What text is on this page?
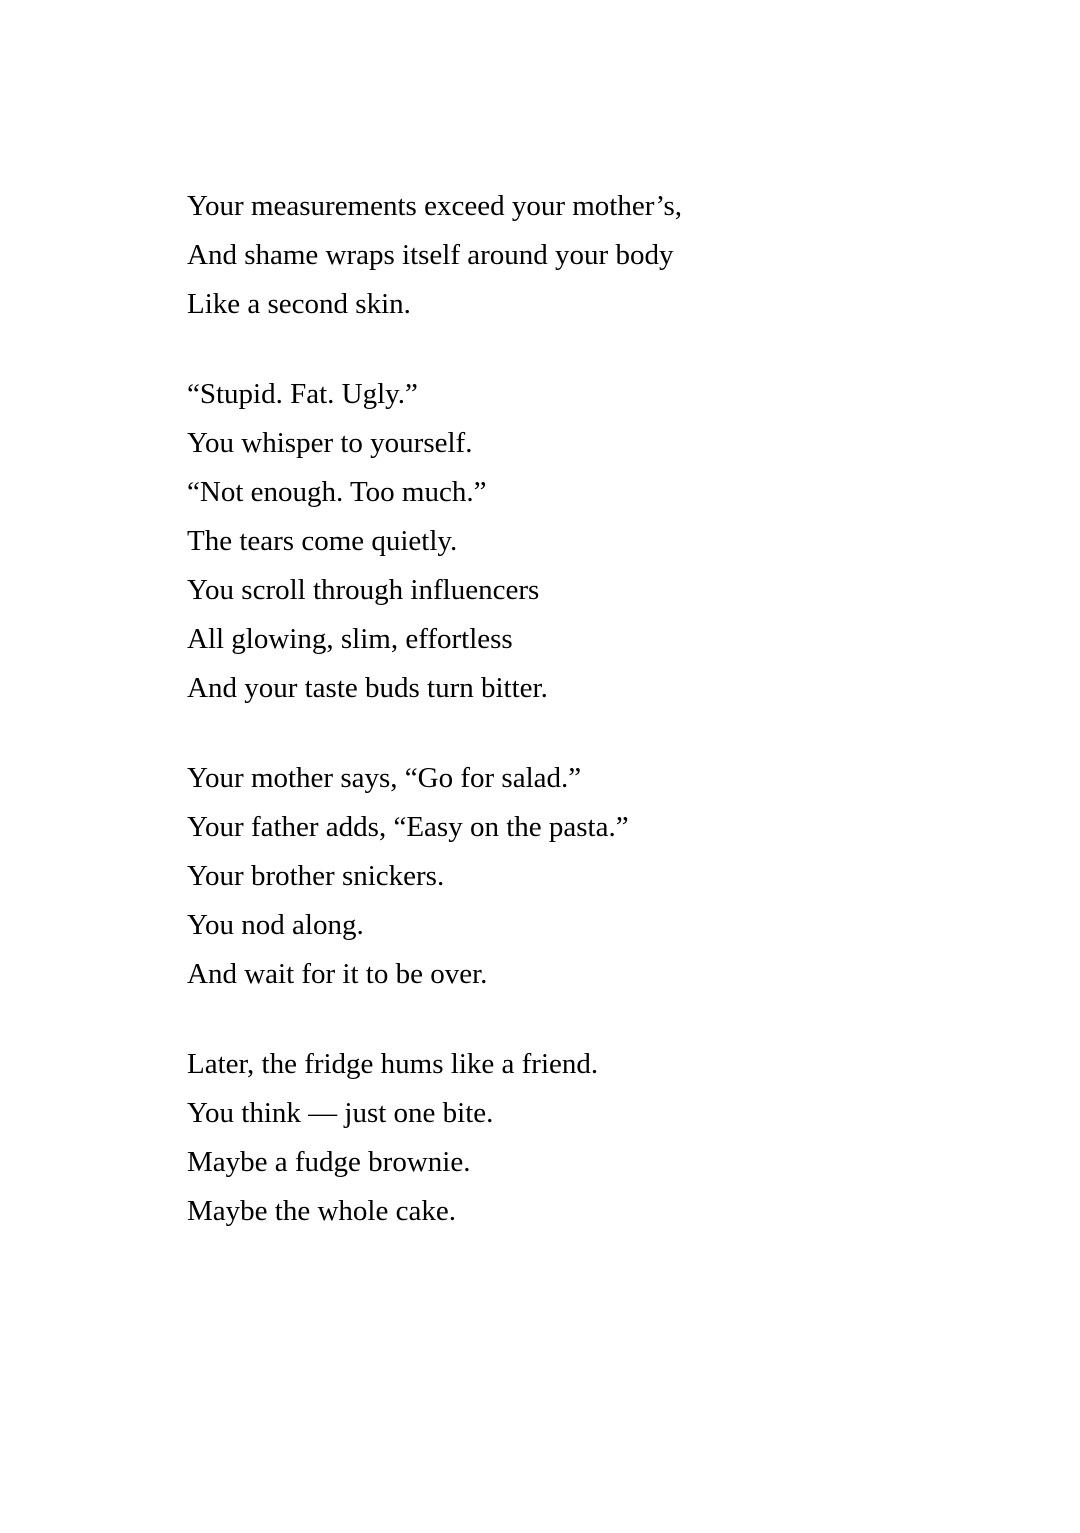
Your measurements exceed your mother’s,
And shame wraps itself around your body
Like a second skin.
“Stupid. Fat. Ugly.”
You whisper to yourself.
“Not enough. Too much.”
The tears come quietly.
You scroll through influencers
All glowing, slim, effortless
And your taste buds turn bitter.
Your mother says, “Go for salad.”
Your father adds, “Easy on the pasta.”
Your brother snickers.
You nod along.
And wait for it to be over.
Later, the fridge hums like a friend.
You think — just one bite.
Maybe a fudge brownie.
Maybe the whole cake.
